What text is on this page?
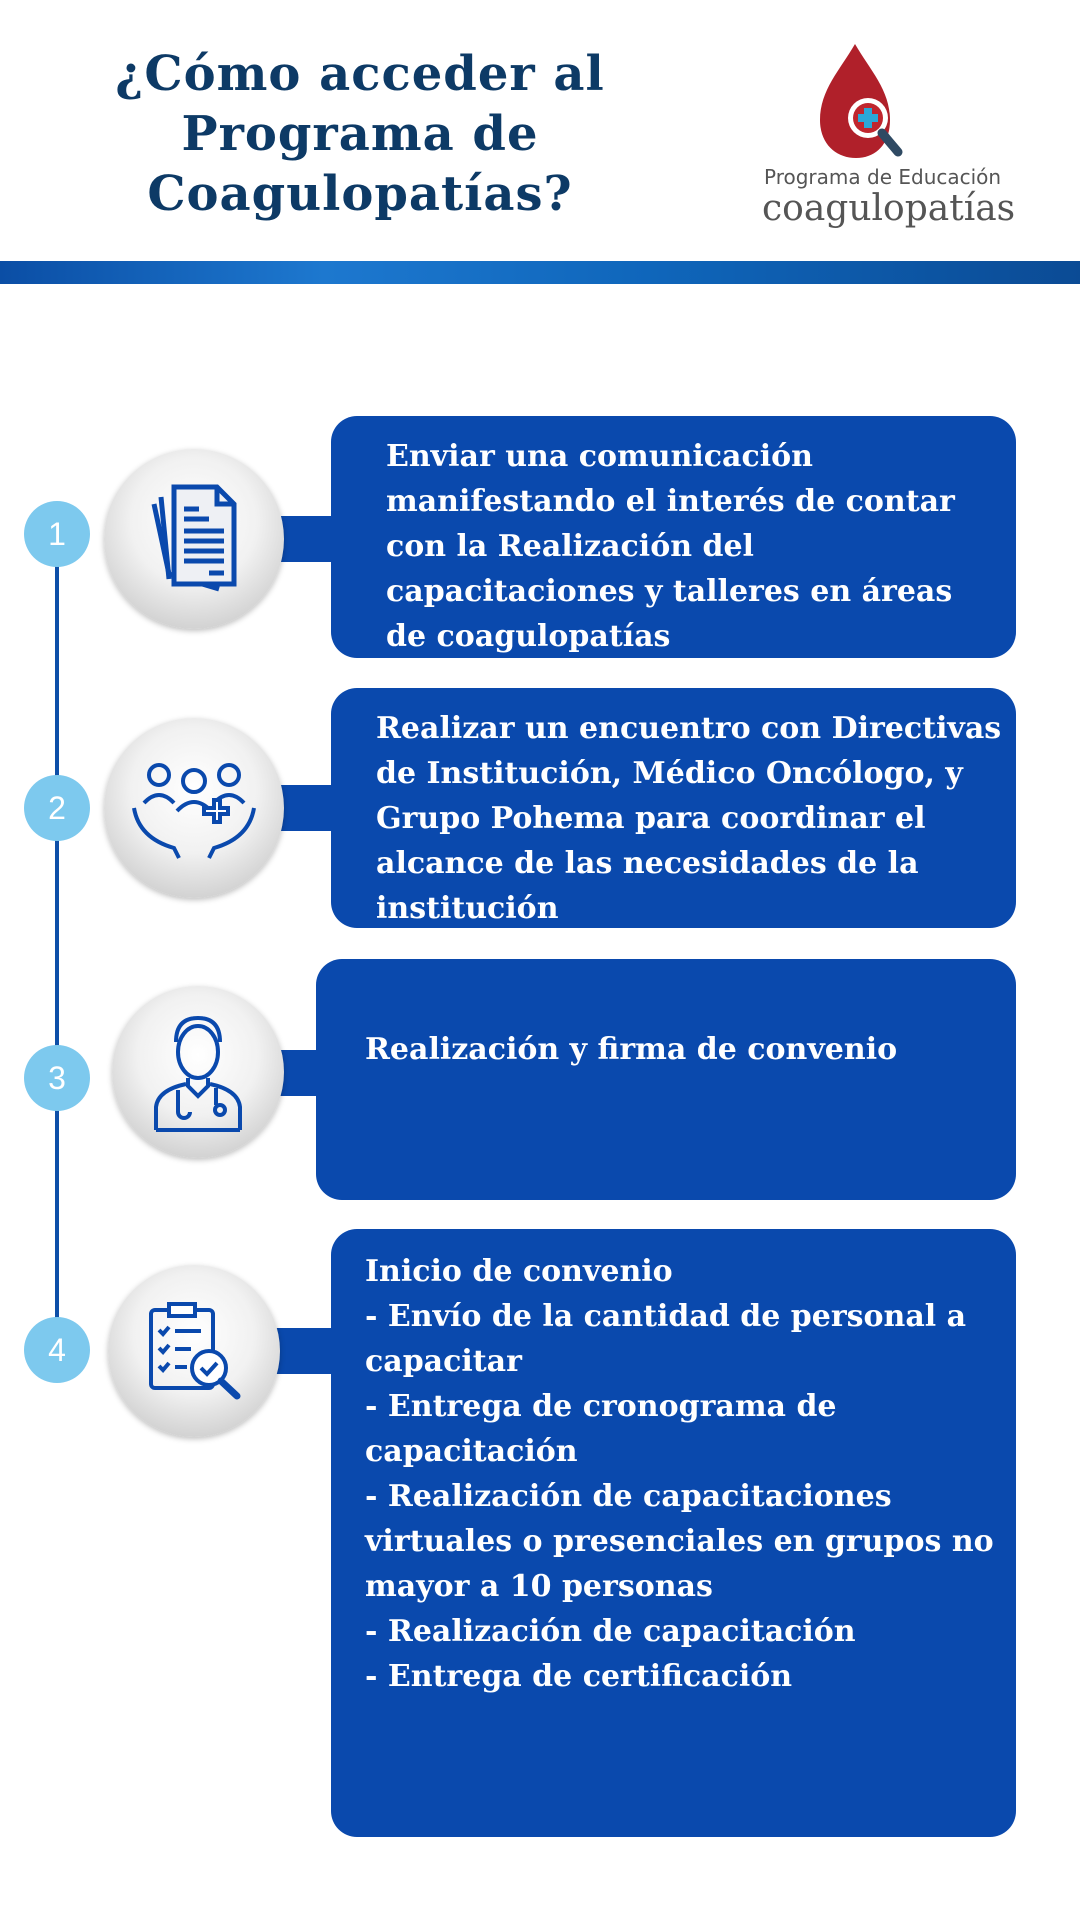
¿Cómo acceder al
Programa de
Coagulopatías?	Programa de Educación
coagulopatías
1
Enviar una comunicación
manifestando el interés de contar
con la Realización del
capacitaciones y talleres en áreas
de coagulopatías
2
Realizar un encuentro con Directivas
de Institución, Médico Oncólogo, y
Grupo Pohema para coordinar el
alcance de las necesidades de la
institución
3
Realización y firma de convenio
4
Inicio de convenio
- Envío de la cantidad de personal a
capacitar
- Entrega de cronograma de
capacitación
- Realización de capacitaciones
virtuales o presenciales en grupos no
mayor a 10 personas
- Realización de capacitación
- Entrega de certificación
